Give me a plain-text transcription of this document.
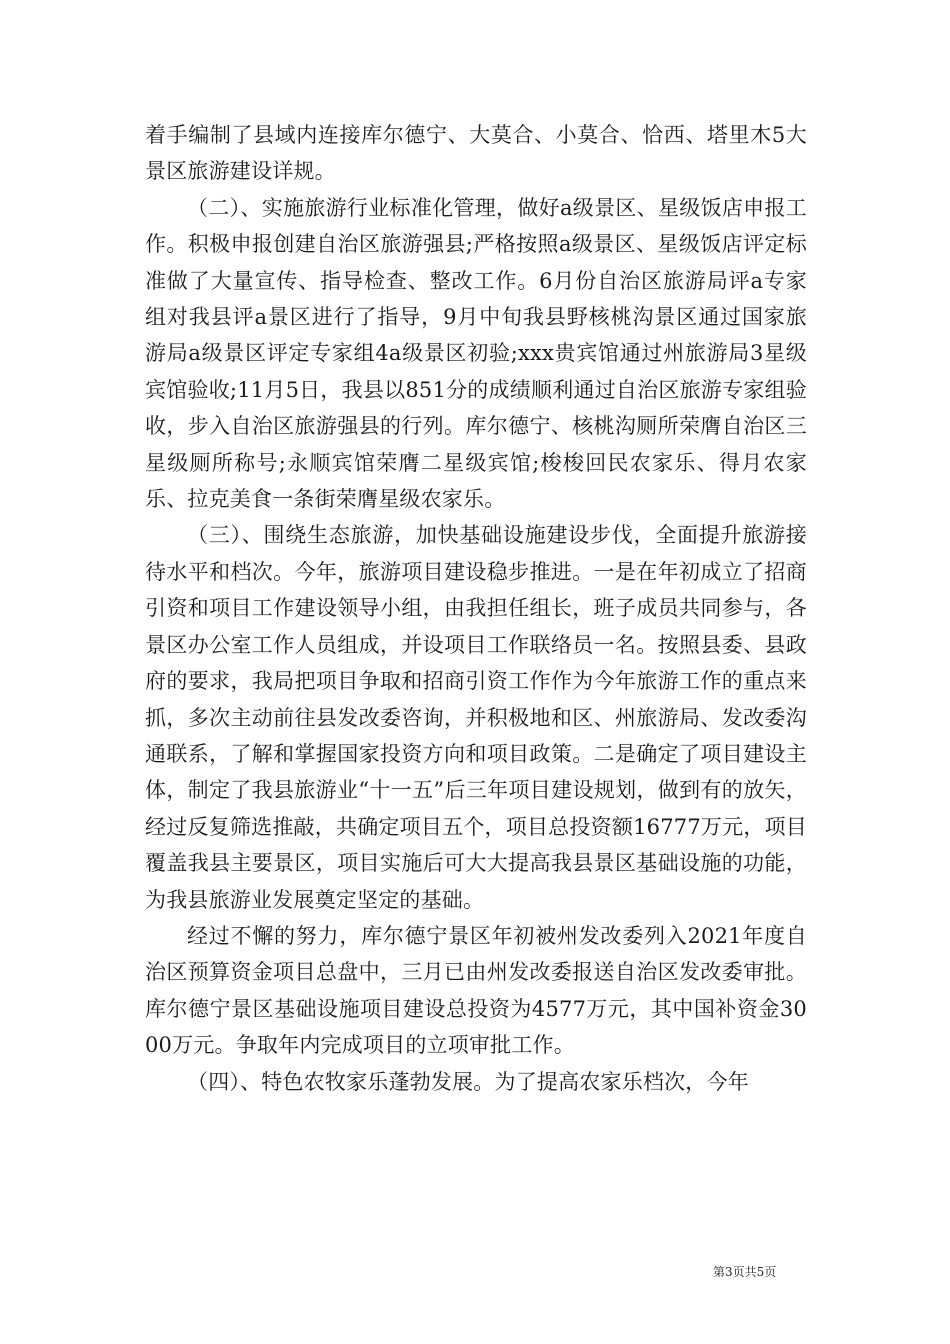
着手编制了县域内连接库尔德宁、大莫合、小莫合、恰西、塔里木5大景区旅游建设详规。

（二）、实施旅游行业标准化管理，做好a级景区、星级饭店申报工作。积极申报创建自治区旅游强县;严格按照a级景区、星级饭店评定标准做了大量宣传、指导检查、整改工作。6月份自治区旅游局评a专家组对我县评a景区进行了指导，9月中旬我县野核桃沟景区通过国家旅游局a级景区评定专家组4a级景区初验;xxx贵宾馆通过州旅游局3星级宾馆验收;11月5日，我县以851分的成绩顺利通过自治区旅游专家组验收，步入自治区旅游强县的行列。库尔德宁、核桃沟厕所荣膺自治区三星级厕所称号;永顺宾馆荣膺二星级宾馆;梭梭回民农家乐、得月农家乐、拉克美食一条街荣膺星级农家乐。

（三）、围绕生态旅游，加快基础设施建设步伐，全面提升旅游接待水平和档次。今年，旅游项目建设稳步推进。一是在年初成立了招商引资和项目工作建设领导小组，由我担任组长，班子成员共同参与，各景区办公室工作人员组成，并设项目工作联络员一名。按照县委、县政府的要求，我局把项目争取和招商引资工作作为今年旅游工作的重点来抓，多次主动前往县发改委咨询，并积极地和区、州旅游局、发改委沟通联系，了解和掌握国家投资方向和项目政策。二是确定了项目建设主体，制定了我县旅游业“十一五”后三年项目建设规划，做到有的放矢，经过反复筛选推敲，共确定项目五个，项目总投资额16777万元，项目覆盖我县主要景区，项目实施后可大大提高我县景区基础设施的功能，为我县旅游业发展奠定坚定的基础。

经过不懈的努力，库尔德宁景区年初被州发改委列入2021年度自治区预算资金项目总盘中，三月已由州发改委报送自治区发改委审批。库尔德宁景区基础设施项目建设总投资为4577万元，其中国补资金3000万元。争取年内完成项目的立项审批工作。

（四）、特色农牧家乐蓬勃发展。为了提高农家乐档次，今年

第3页共5页
